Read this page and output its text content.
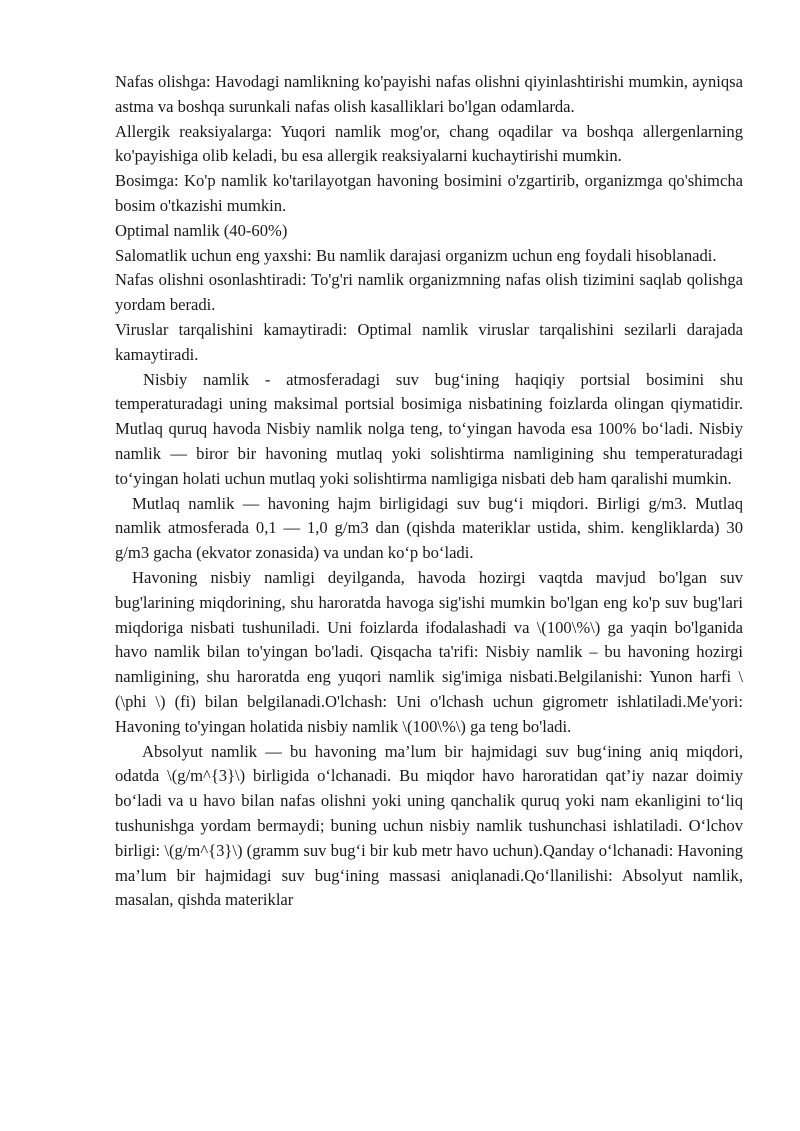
Nafas olishga: Havodagi namlikning ko'payishi nafas olishni qiyinlashtirishi mumkin, ayniqsa astma va boshqa surunkali nafas olish kasalliklari bo'lgan odamlarda.

Allergik reaksiyalarga: Yuqori namlik mog'or, chang oqadilar va boshqa allergenlarning ko'payishiga olib keladi, bu esa allergik reaksiyalarni kuchaytirishi mumkin.

Bosimga: Ko'p namlik ko'tarilayotgan havoning bosimini o'zgartirib, organizmga qo'shimcha bosim o'tkazishi mumkin.

Optimal namlik (40-60%)

Salomatlik uchun eng yaxshi: Bu namlik darajasi organizm uchun eng foydali hisoblanadi.

Nafas olishni osonlashtiradi: To'g'ri namlik organizmning nafas olish tizimini saqlab qolishga yordam beradi.

Viruslar tarqalishini kamaytiradi: Optimal namlik viruslar tarqalishini sezilarli darajada kamaytiradi.

Nisbiy namlik - atmosferadagi suv bug‘ining haqiqiy portsial bosimini shu temperaturadagi uning maksimal portsial bosimiga nisbatining foizlarda olingan qiymatidir. Mutlaq quruq havoda Nisbiy namlik nolga teng, to‘yingan havoda esa 100% bo‘ladi. Nisbiy namlik — biror bir havoning mutlaq yoki solishtirma namligining shu temperaturadagi to‘yingan holati uchun mutlaq yoki solishtirma namligiga nisbati deb ham qaralishi mumkin.

Mutlaq namlik — havoning hajm birligidagi suv bug‘i miqdori. Birligi g/m3. Mutlaq namlik atmosferada 0,1 — 1,0 g/m3 dan (qishda materiklar ustida, shim. kengliklarda) 30 g/m3 gacha (ekvator zonasida) va undan ko‘p bo‘ladi.

Havoning nisbiy namligi deyilganda, havoda hozirgi vaqtda mavjud bo'lgan suv bug'larining miqdorining, shu haroratda havoga sig'ishi mumkin bo'lgan eng ko'p suv bug'lari miqdoriga nisbati tushuniladi. Uni foizlarda ifodalashadi va \(100\%\) ga yaqin bo'lganida havo namlik bilan to'yingan bo'ladi. Qisqacha ta'rifi: Nisbiy namlik – bu havoning hozirgi namligining, shu haroratda eng yuqori namlik sig'imiga nisbati.Belgilanishi: Yunon harfi \(\phi \) (fi) bilan belgilanadi.O'lchash: Uni o'lchash uchun gigrometr ishlatiladi.Me'yori: Havoning to'yingan holatida nisbiy namlik \(100\%\) ga teng bo'ladi.

Absolyut namlik — bu havoning ma’lum bir hajmidagi suv bug‘ining aniq miqdori, odatda \(g/m^{3}\) birligida o‘lchanadi. Bu miqdor havo haroratidan qat’iy nazar doimiy bo‘ladi va u havo bilan nafas olishni yoki uning qanchalik quruq yoki nam ekanligini to‘liq tushunishga yordam bermaydi; buning uchun nisbiy namlik tushunchasi ishlatiladi. O‘lchov birligi: \(g/m^{3}\) (gramm suv bug‘i bir kub metr havo uchun).Qanday o‘lchanadi: Havoning ma’lum bir hajmidagi suv bug‘ining massasi aniqlanadi.Qo‘llanilishi: Absolyut namlik, masalan, qishda materiklar
